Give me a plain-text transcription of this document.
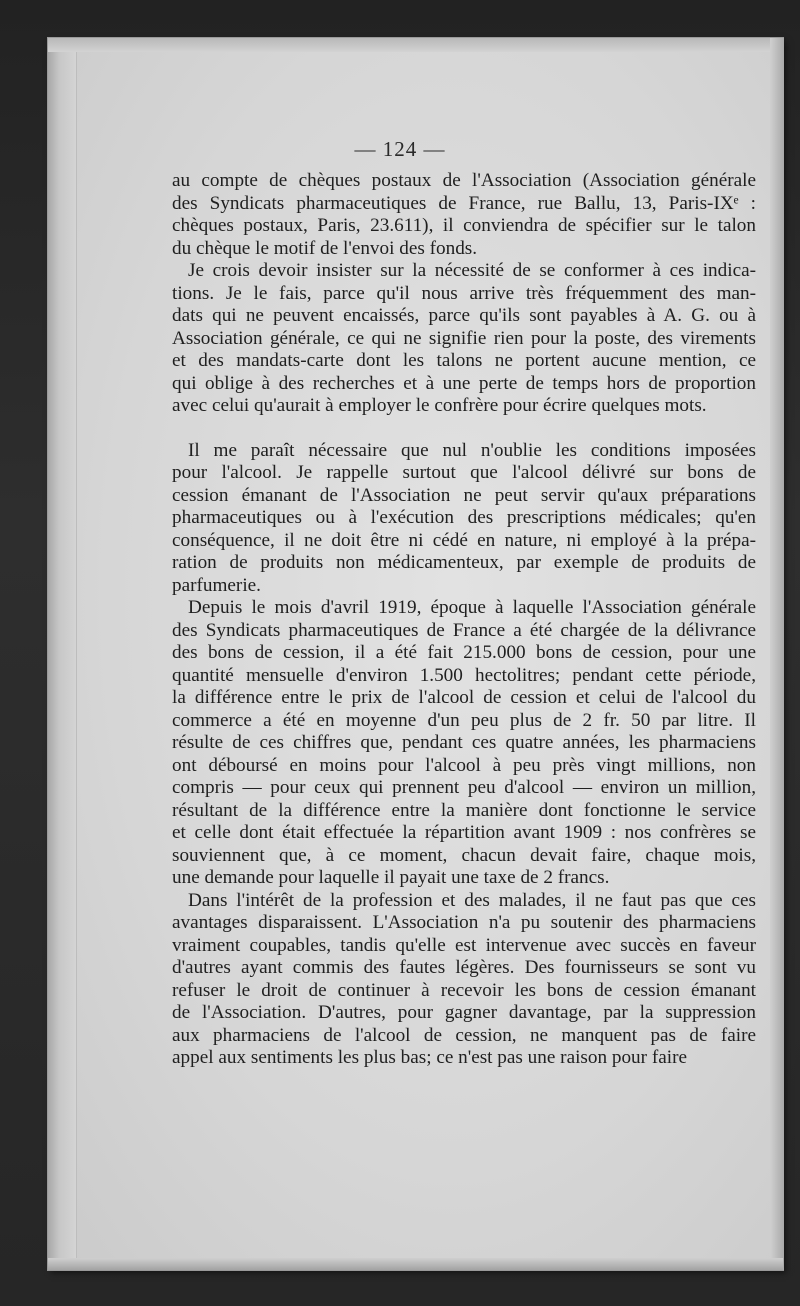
— 124 —
au compte de chèques postaux de l'Association (Association générale
des Syndicats pharmaceutiques de France, rue Ballu, 13, Paris-IXᵉ :
chèques postaux, Paris, 23.611), il conviendra de spécifier sur le talon
du chèque le motif de l'envoi des fonds.
Je crois devoir insister sur la nécessité de se conformer à ces indica-
tions. Je le fais, parce qu'il nous arrive très fréquemment des man-
dats qui ne peuvent encaissés, parce qu'ils sont payables à A. G. ou à
Association générale, ce qui ne signifie rien pour la poste, des virements
et des mandats-carte dont les talons ne portent aucune mention, ce
qui oblige à des recherches et à une perte de temps hors de proportion
avec celui qu'aurait à employer le confrère pour écrire quelques mots.
Il me paraît nécessaire que nul n'oublie les conditions imposées
pour l'alcool. Je rappelle surtout que l'alcool délivré sur bons de
cession émanant de l'Association ne peut servir qu'aux préparations
pharmaceutiques ou à l'exécution des prescriptions médicales; qu'en
conséquence, il ne doit être ni cédé en nature, ni employé à la prépa-
ration de produits non médicamenteux, par exemple de produits de
parfumerie.
Depuis le mois d'avril 1919, époque à laquelle l'Association générale
des Syndicats pharmaceutiques de France a été chargée de la délivrance
des bons de cession, il a été fait 215.000 bons de cession, pour une
quantité mensuelle d'environ 1.500 hectolitres; pendant cette période,
la différence entre le prix de l'alcool de cession et celui de l'alcool du
commerce a été en moyenne d'un peu plus de 2 fr. 50 par litre. Il
résulte de ces chiffres que, pendant ces quatre années, les pharmaciens
ont déboursé en moins pour l'alcool à peu près vingt millions, non
compris — pour ceux qui prennent peu d'alcool — environ un million,
résultant de la différence entre la manière dont fonctionne le service
et celle dont était effectuée la répartition avant 1909 : nos confrères se
souviennent que, à ce moment, chacun devait faire, chaque mois,
une demande pour laquelle il payait une taxe de 2 francs.
Dans l'intérêt de la profession et des malades, il ne faut pas que ces
avantages disparaissent. L'Association n'a pu soutenir des pharmaciens
vraiment coupables, tandis qu'elle est intervenue avec succès en faveur
d'autres ayant commis des fautes légères. Des fournisseurs se sont vu
refuser le droit de continuer à recevoir les bons de cession émanant
de l'Association. D'autres, pour gagner davantage, par la suppression
aux pharmaciens de l'alcool de cession, ne manquent pas de faire
appel aux sentiments les plus bas; ce n'est pas une raison pour faire
